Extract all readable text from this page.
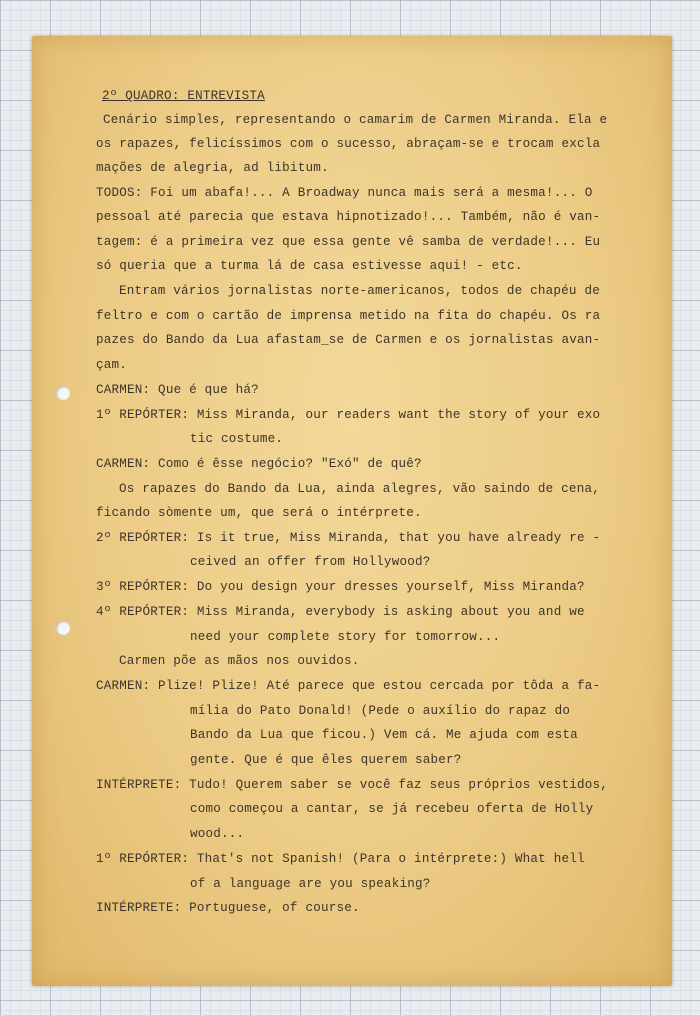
2º QUADRO: ENTREVISTA
Cenário simples, representando o camarim de Carmen Miranda. Ela e
os rapazes, felicíssimos com o sucesso, abraçam-se e trocam excla
mações de alegria, ad libitum.
TODOS: Foi um abafa!... A Broadway nunca mais será a mesma!... O
pessoal até parecia que estava hipnotizado!... Também, não é van-
tagem: é a primeira vez que essa gente vê samba de verdade!... Eu
só queria que a turma lá de casa estivesse aqui! - etc.
Entram vários jornalistas norte-americanos, todos de chapéu de
feltro e com o cartão de imprensa metido na fita do chapéu. Os ra
pazes do Bando da Lua afastam_se de Carmen e os jornalistas avan-
çam.
CARMEN: Que é que há?
1º REPÓRTER: Miss Miranda, our readers want the story of your exo
tic costume.
CARMEN: Como é êsse negócio? "Exó" de quê?
Os rapazes do Bando da Lua, ainda alegres, vão saindo de cena,
ficando sòmente um, que será o intérprete.
2º REPÓRTER: Is it true, Miss Miranda, that you have already re -
ceived an offer from Hollywood?
3º REPÓRTER: Do you design your dresses yourself, Miss Miranda?
4º REPÓRTER: Miss Miranda, everybody is asking about you and we
need your complete story for tomorrow...
Carmen põe as mãos nos ouvidos.
CARMEN: Plize! Plize! Até parece que estou cercada por tôda a fa-
mília do Pato Donald! (Pede o auxílio do rapaz do
Bando da Lua que ficou.) Vem cá. Me ajuda com esta
gente. Que é que êles querem saber?
INTÉRPRETE: Tudo! Querem saber se você faz seus próprios vestidos,
como começou a cantar, se já recebeu oferta de Holly
wood...
1º REPÓRTER: That's not Spanish! (Para o intérprete:) What hell
of a language are you speaking?
INTÉRPRETE: Portuguese, of course.
